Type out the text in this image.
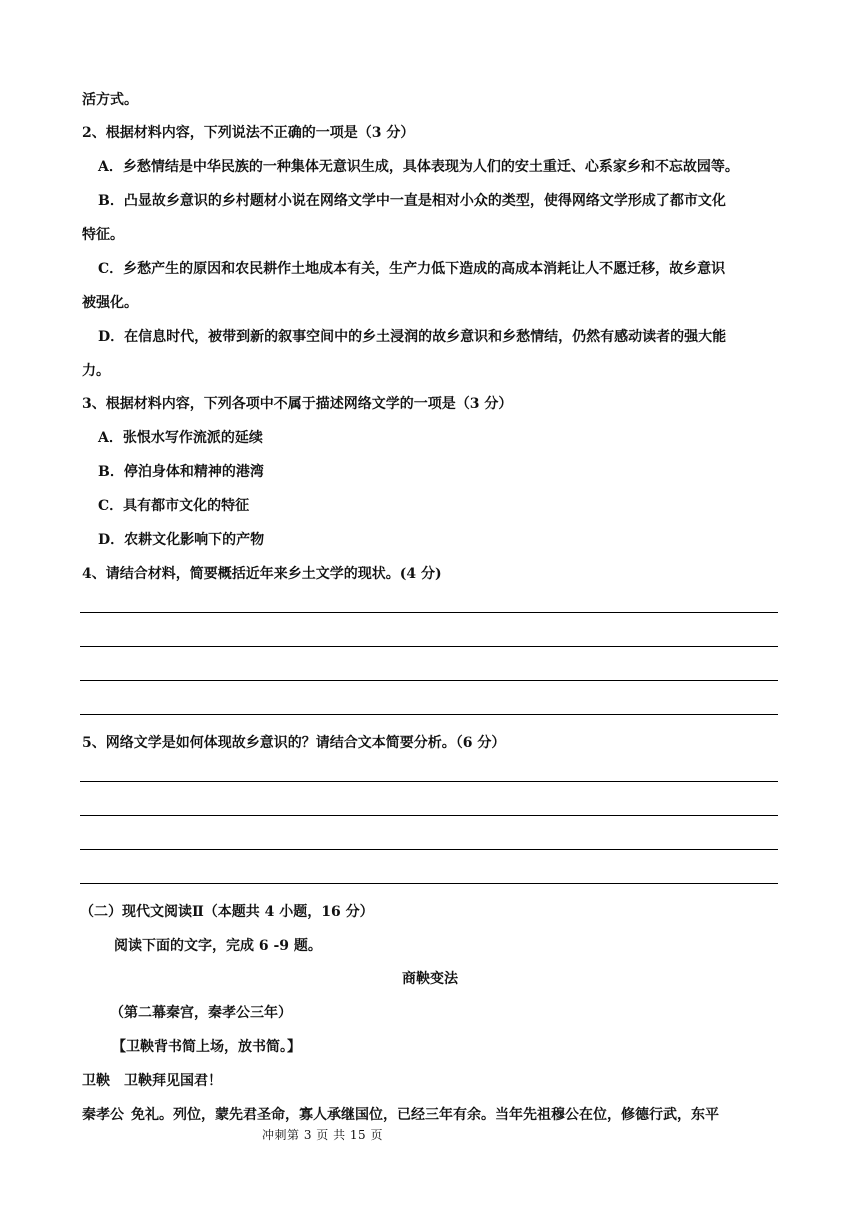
活方式。
2、根据材料内容，下列说法不正确的一项是（3 分）
A．乡愁情结是中华民族的一种集体无意识生成，具体表现为人们的安土重迁、心系家乡和不忘故园等。
B．凸显故乡意识的乡村题材小说在网络文学中一直是相对小众的类型，使得网络文学形成了都市文化
特征。
C．乡愁产生的原因和农民耕作土地成本有关，生产力低下造成的高成本消耗让人不愿迁移，故乡意识
被强化。
D．在信息时代，被带到新的叙事空间中的乡土浸润的故乡意识和乡愁情结，仍然有感动读者的强大能
力。
3、根据材料内容，下列各项中不属于描述网络文学的一项是（3 分）
A．张恨水写作流派的延续
B．停泊身体和精神的港湾
C．具有都市文化的特征
D．农耕文化影响下的产物
4、请结合材料，简要概括近年来乡土文学的现状。(4 分)
5、网络文学是如何体现故乡意识的？请结合文本简要分析。（6 分）
（二）现代文阅读Ⅱ（本题共 4 小题，16 分）
阅读下面的文字，完成 6 -9 题。
商鞅变法
（第二幕秦宫，秦孝公三年）
【卫鞅背书简上场，放书简。】
卫鞅 卫鞅拜见国君！
秦孝公 免礼。列位，蒙先君圣命，寡人承继国位，已经三年有余。当年先祖穆公在位，修德行武，东平
冲刺第 3 页 共 15 页
